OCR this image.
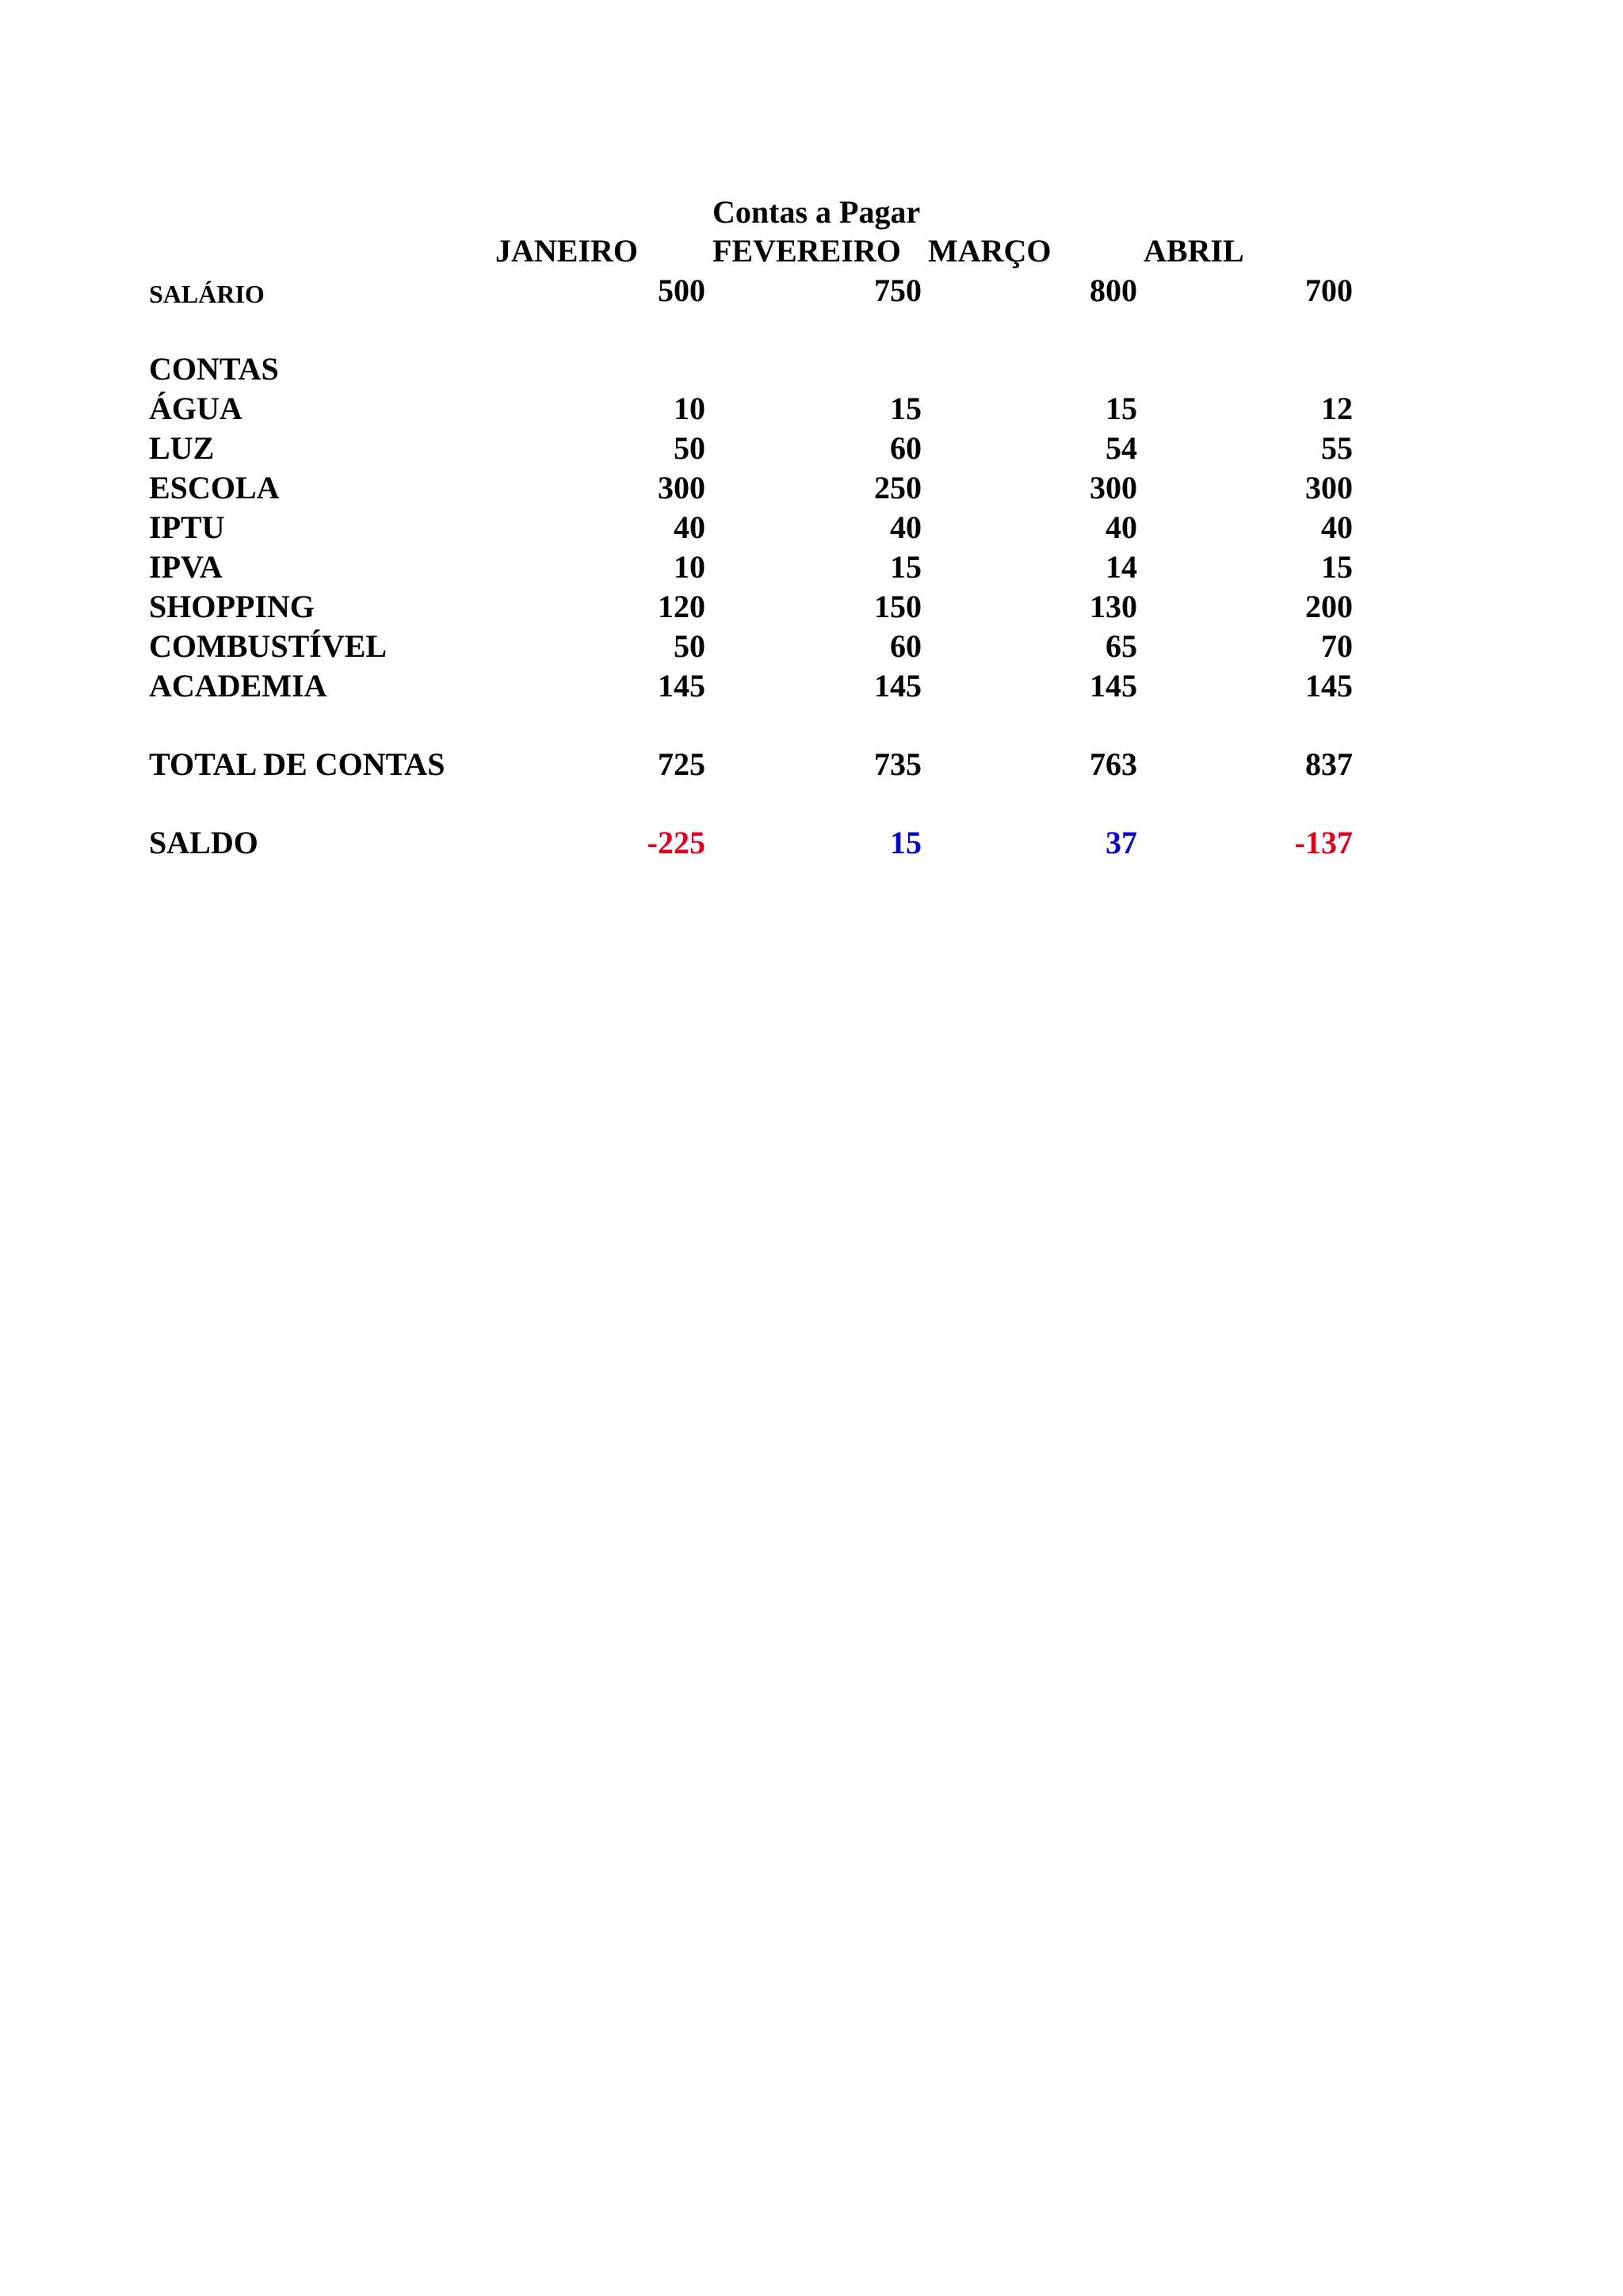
Contas a Pagar
JANEIRO FEVEREIRO MARÇO	ABRIL
SALÁRIO	500	750	800	700
CONTAS
ÁGUA	10	15	15	12
LUZ	50	60	54	55
ESCOLA	300	250	300	300
IPTU	40	40	40	40
IPVA	10	15	14	15
SHOPPING	120	150	130	200
COMBUSTÍVEL	50	60	65	70
ACADEMIA	145	145	145	145
TOTAL DE CONTAS	725	735	763	837
SALDO	-225	15	37	-137
